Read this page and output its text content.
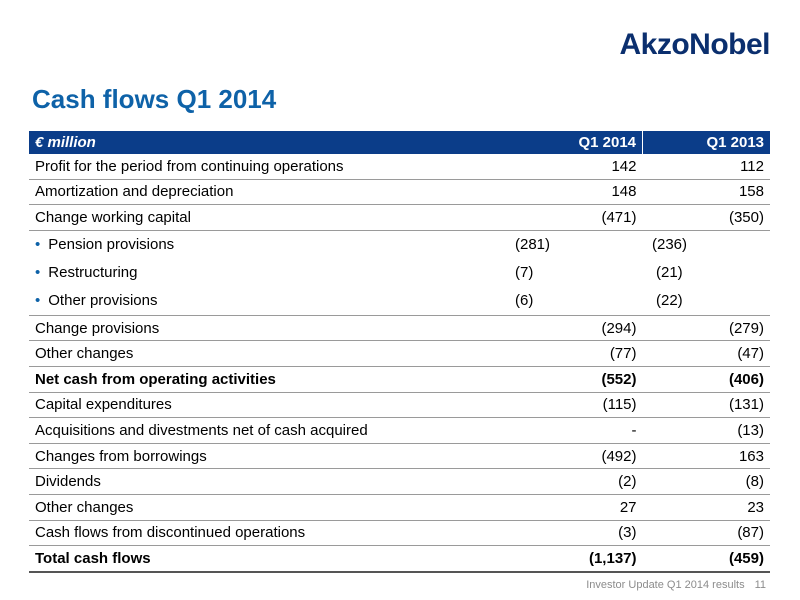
AkzoNobel
Cash flows Q1 2014
€ million	Q1 2014	Q1 2013
Profit for the period from continuing operations	142	112
Amortization and depreciation	148	158
Change working capital	(471)	(350)
• Pension provisions	(281) (236)	
• Restructuring	(7) (21)	
• Other provisions	(6) (22)	
Change provisions	(294)	(279)
Other changes	(77)	(47)
Net cash from operating activities	(552)	(406)
Capital expenditures	(115)	(131)
Acquisitions and divestments net of cash acquired	-	(13)
Changes from borrowings	(492)	163
Dividends	(2)	(8)
Other changes	27	23
Cash flows from discontinued operations	(3)	(87)
Total cash flows	(1,137)	(459)
Investor Update Q1 2014 results 11
